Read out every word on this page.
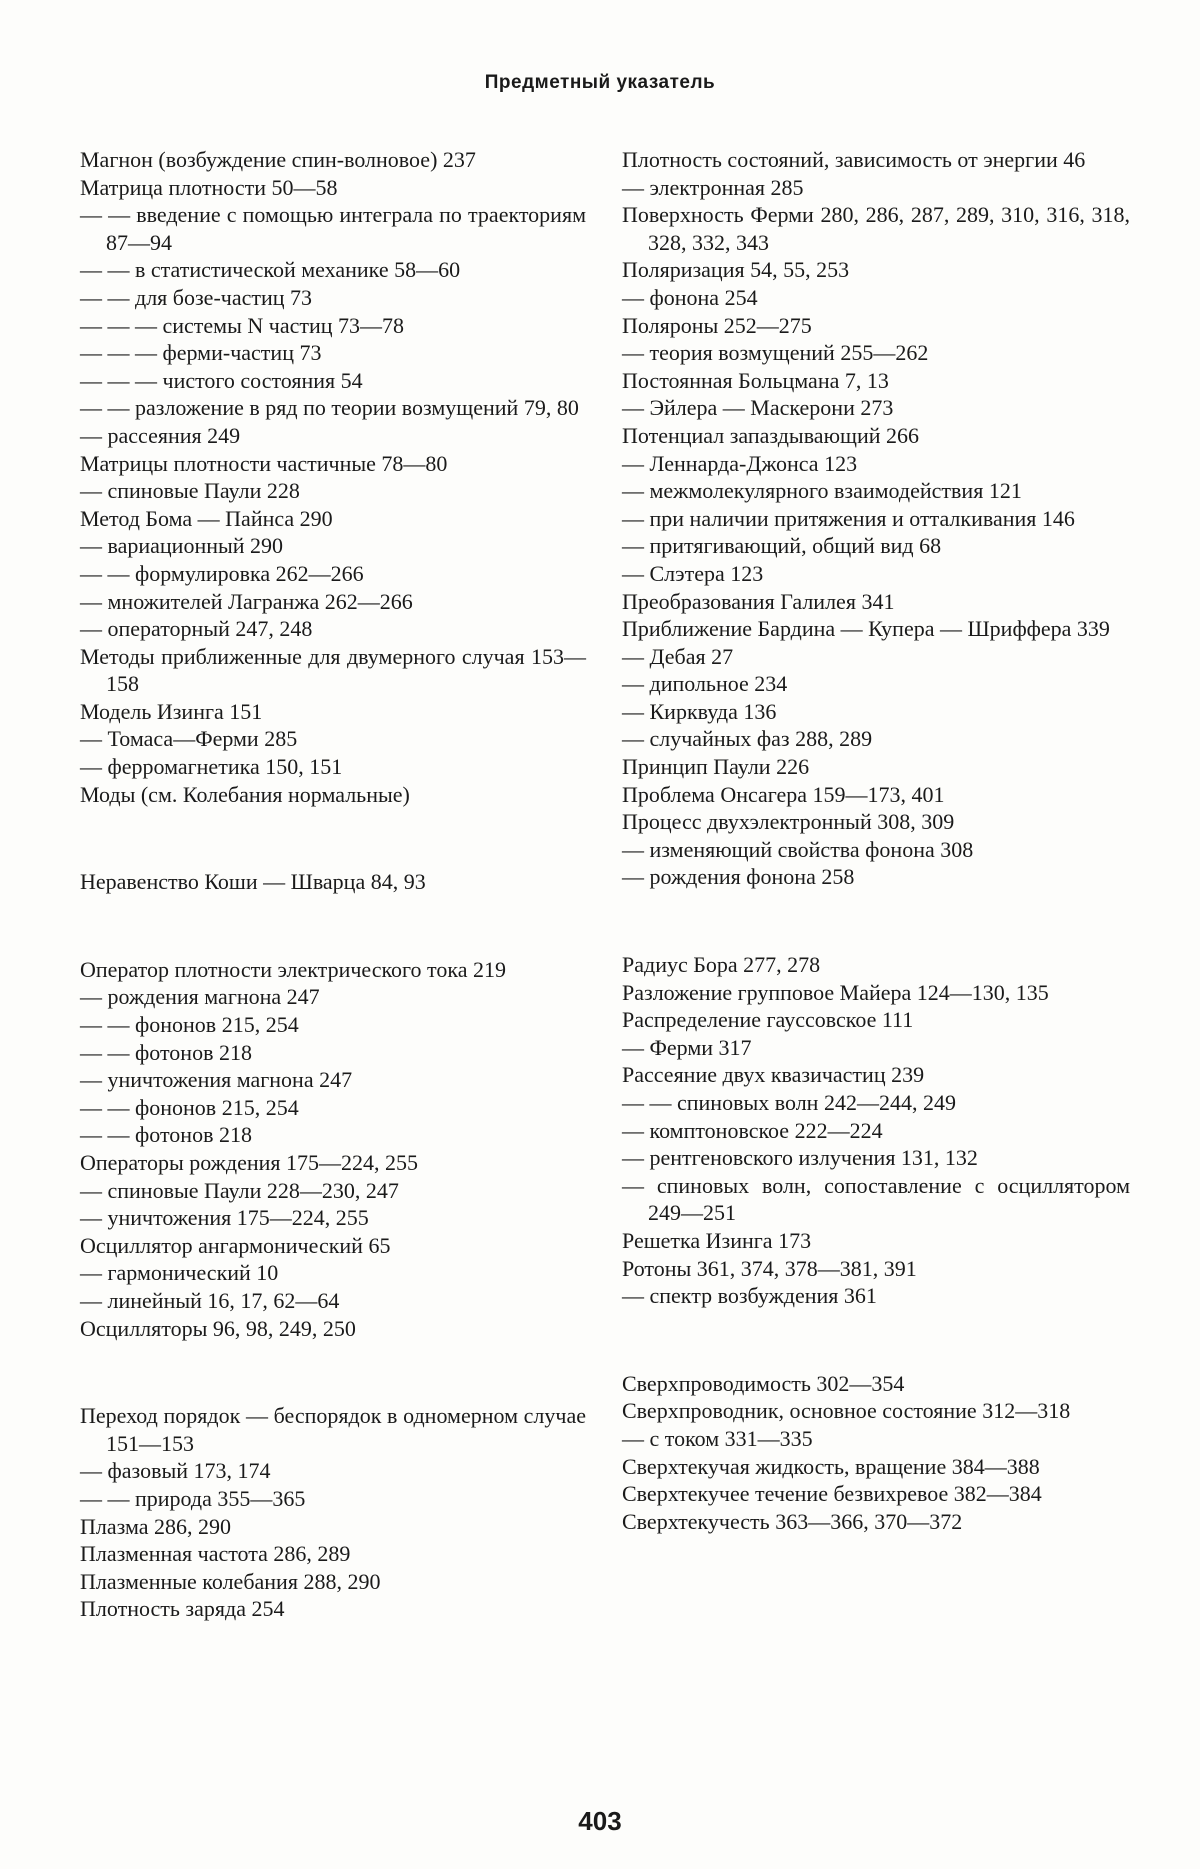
Предметный указатель
Магнон (возбуждение спин-волновое) 237
Матрица плотности 50—58
— — введение с помощью интеграла по траекториям 87—94
— — в статистической механике 58—60
— — для бозе-частиц 73
— — — системы N частиц 73—78
— — — ферми-частиц 73
— — — чистого состояния 54
— — разложение в ряд по теории возмущений 79, 80
— рассеяния 249
Матрицы плотности частичные 78—80
— спиновые Паули 228
Метод Бома — Пайнса 290
— вариационный 290
— — формулировка 262—266
— множителей Лагранжа 262—266
— операторный 247, 248
Методы приближенные для двумерного случая 153—158
Модель Изинга 151
— Томаса—Ферми 285
— ферромагнетика 150, 151
Моды (см. Колебания нормальные)
Неравенство Коши — Шварца 84, 93
Оператор плотности электрического тока 219
— рождения магнона 247
— — фононов 215, 254
— — фотонов 218
— уничтожения магнона 247
— — фононов 215, 254
— — фотонов 218
Операторы рождения 175—224, 255
— спиновые Паули 228—230, 247
— уничтожения 175—224, 255
Осциллятор ангармонический 65
— гармонический 10
— линейный 16, 17, 62—64
Осцилляторы 96, 98, 249, 250
Переход порядок — беспорядок в одномерном случае 151—153
— фазовый 173, 174
— — природа 355—365
Плазма 286, 290
Плазменная частота 286, 289
Плазменные колебания 288, 290
Плотность заряда 254
Плотность состояний, зависимость от энергии 46
— электронная 285
Поверхность Ферми 280, 286, 287, 289, 310, 316, 318, 328, 332, 343
Поляризация 54, 55, 253
— фонона 254
Поляроны 252—275
— теория возмущений 255—262
Постоянная Больцмана 7, 13
— Эйлера — Маскерони 273
Потенциал запаздывающий 266
— Леннарда-Джонса 123
— межмолекулярного взаимодействия 121
— при наличии притяжения и отталкивания 146
— притягивающий, общий вид 68
— Слэтера 123
Преобразования Галилея 341
Приближение Бардина — Купера — Шриффера 339
— Дебая 27
— дипольное 234
— Кирквуда 136
— случайных фаз 288, 289
Принцип Паули 226
Проблема Онсагера 159—173, 401
Процесс двухэлектронный 308, 309
— изменяющий свойства фонона 308
— рождения фонона 258
Радиус Бора 277, 278
Разложение групповое Майера 124—130, 135
Распределение гауссовское 111
— Ферми 317
Рассеяние двух квазичастиц 239
— — спиновых волн 242—244, 249
— комптоновское 222—224
— рентгеновского излучения 131, 132
— спиновых волн, сопоставление с осциллятором 249—251
Решетка Изинга 173
Ротоны 361, 374, 378—381, 391
— спектр возбуждения 361
Сверхпроводимость 302—354
Сверхпроводник, основное состояние 312—318
— с током 331—335
Сверхтекучая жидкость, вращение 384—388
Сверхтекучее течение безвихревое 382—384
Сверхтекучесть 363—366, 370—372
403
